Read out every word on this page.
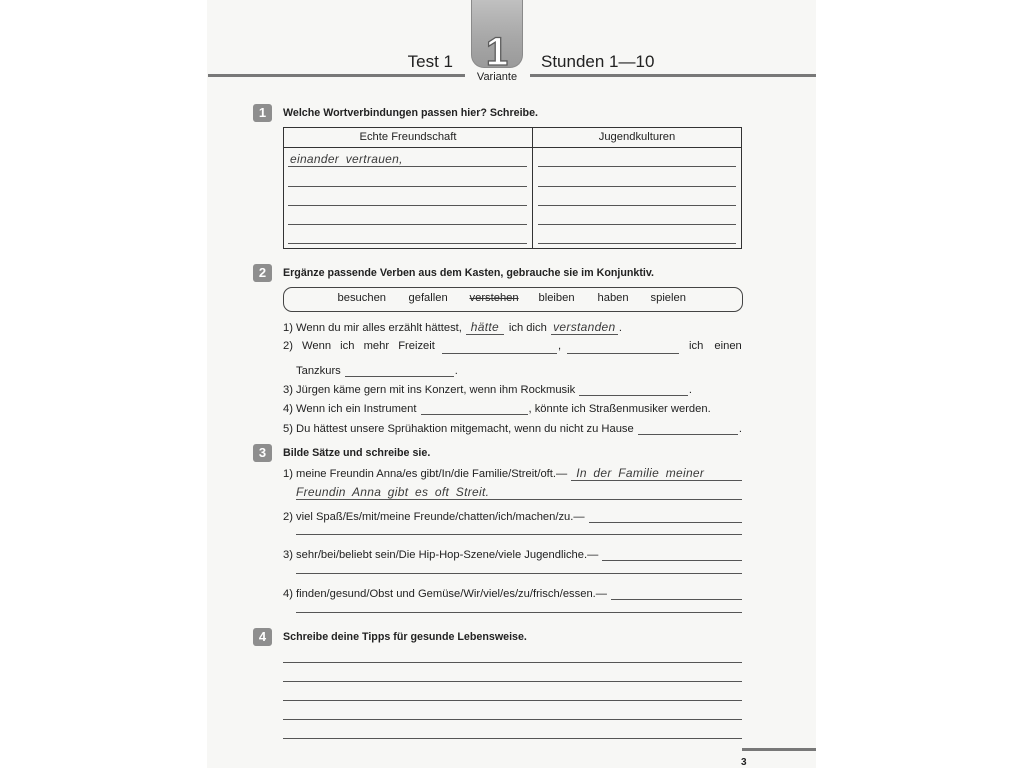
1
Test 1
Variante
Stunden 1—10
1	Welche Wortverbindungen passen hier? Schreibe.
Echte Freundschaft	Jugendkulturen
einander vertrauen,
2	Ergänze passende Verben aus dem Kasten, gebrauche sie im Konjunktiv.
besuchen gefallen verstehen bleiben haben spielen
1) Wenn du mir alles erzählt hättest, hätte ich dich verstanden .
2) Wenn ich mehr Freizeit	,	ich einen
Tanzkurs	.
3) Jürgen käme gern mit ins Konzert, wenn ihm Rockmusik	.
4) Wenn ich ein Instrument	, könnte ich Straßenmusiker werden.
5) Du hättest unsere Sprühaktion mitgemacht, wenn du nicht zu Hause	.
3	Bilde Sätze und schreibe sie.
1) meine Freundin Anna/es gibt/In/die Familie/Streit/oft.— In der Familie meiner
Freundin Anna gibt es oft Streit.
2) viel Spaß/Es/mit/meine Freunde/chatten/ich/machen/zu.—
3) sehr/bei/beliebt sein/Die Hip-Hop-Szene/viele Jugendliche.—
4) finden/gesund/Obst und Gemüse/Wir/viel/es/zu/frisch/essen.—
4	Schreibe deine Tipps für gesunde Lebensweise.
3
